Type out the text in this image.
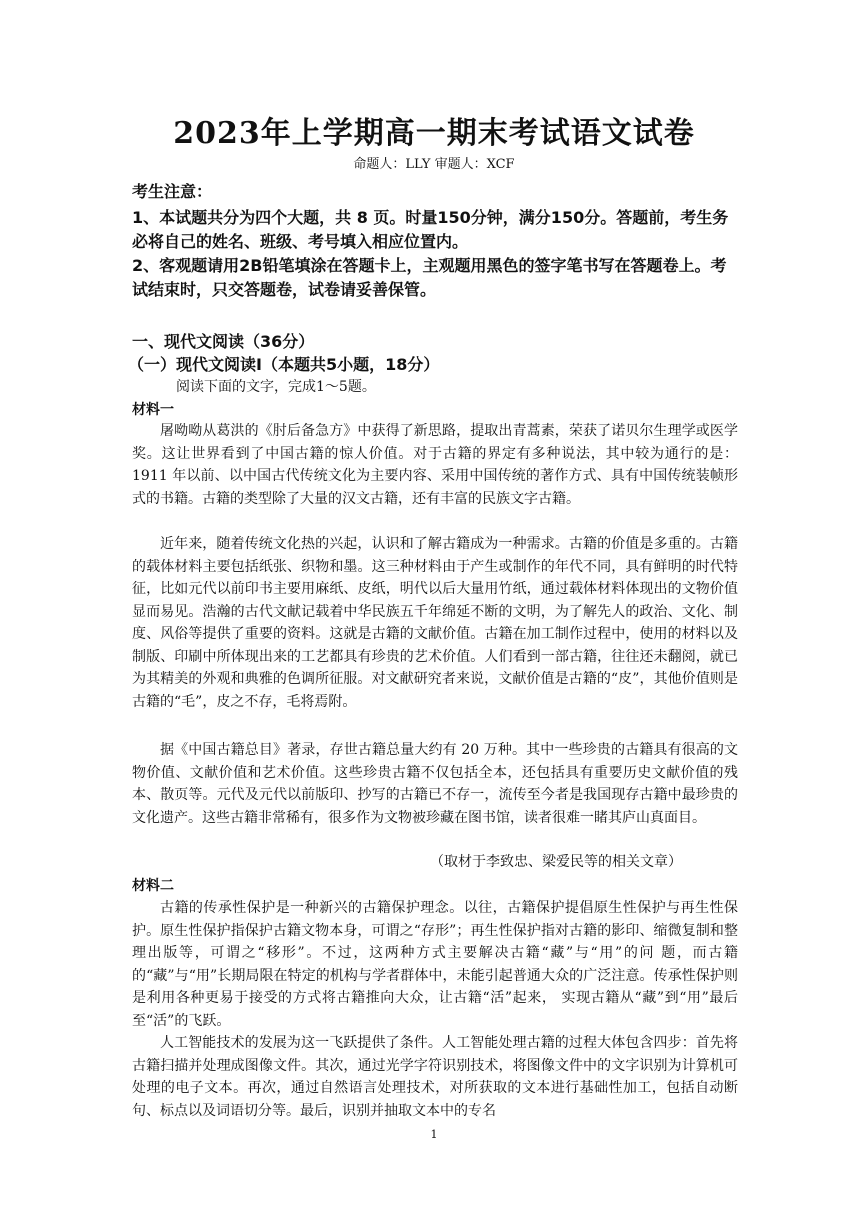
2023年上学期高一期末考试语文试卷
命题人：LLY 审题人：XCF
考生注意：
1、本试题共分为四个大题，共 8 页。时量150分钟，满分150分。答题前，考生务必将自己的姓名、班级、考号填入相应位置内。
2、客观题请用2B铅笔填涂在答题卡上，主观题用黑色的签字笔书写在答题卷上。考试结束时，只交答题卷，试卷请妥善保管。
一、现代文阅读（36分）
（一）现代文阅读Ⅰ（本题共5小题，18分）
阅读下面的文字，完成1～5题。
材料一
屠呦呦从葛洪的《肘后备急方》中获得了新思路，提取出青蒿素，荣获了诺贝尔生理学或医学奖。这让世界看到了中国古籍的惊人价值。对于古籍的界定有多种说法，其中较为通行的是：1911 年以前、以中国古代传统文化为主要内容、采用中国传统的著作方式、具有中国传统装帧形式的书籍。古籍的类型除了大量的汉文古籍，还有丰富的民族文字古籍。
近年来，随着传统文化热的兴起，认识和了解古籍成为一种需求。古籍的价值是多重的。古籍的载体材料主要包括纸张、织物和墨。这三种材料由于产生或制作的年代不同，具有鲜明的时代特征，比如元代以前印书主要用麻纸、皮纸，明代以后大量用竹纸，通过载体材料体现出的文物价值显而易见。浩瀚的古代文献记载着中华民族五千年绵延不断的文明，为了解先人的政治、文化、制度、风俗等提供了重要的资料。这就是古籍的文献价值。古籍在加工制作过程中，使用的材料以及制版、印刷中所体现出来的工艺都具有珍贵的艺术价值。人们看到一部古籍，往往还未翻阅，就已为其精美的外观和典雅的色调所征服。对文献研究者来说，文献价值是古籍的“皮”，其他价值则是古籍的“毛”，皮之不存，毛将焉附。
据《中国古籍总目》著录，存世古籍总量大约有 20 万种。其中一些珍贵的古籍具有很高的文物价值、文献价值和艺术价值。这些珍贵古籍不仅包括全本，还包括具有重要历史文献价值的残本、散页等。元代及元代以前版印、抄写的古籍已不存一，流传至今者是我国现存古籍中最珍贵的文化遗产。这些古籍非常稀有，很多作为文物被珍藏在图书馆，读者很难一睹其庐山真面目。
（取材于李致忠、梁爱民等的相关文章）
材料二
古籍的传承性保护是一种新兴的古籍保护理念。以往，古籍保护提倡原生性保护与再生性保护。原生性保护指保护古籍文物本身，可谓之“存形”；再生性保护指对古籍的影印、缩微复制和整理出版等，可谓之“移形”。不过，这两种方式主要解决古籍“藏”与“用”的问 题，而古籍的“藏”与“用”长期局限在特定的机构与学者群体中，未能引起普通大众的广泛注意。传承性保护则是利用各种更易于接受的方式将古籍推向大众，让古籍“活”起来， 实现古籍从“藏”到“用”最后至“活”的飞跃。
人工智能技术的发展为这一飞跃提供了条件。人工智能处理古籍的过程大体包含四步：首先将古籍扫描并处理成图像文件。其次，通过光学字符识别技术，将图像文件中的文字识别为计算机可处理的电子文本。再次，通过自然语言处理技术，对所获取的文本进行基础性加工，包括自动断句、标点以及词语切分等。最后，识别并抽取文本中的专名
1
